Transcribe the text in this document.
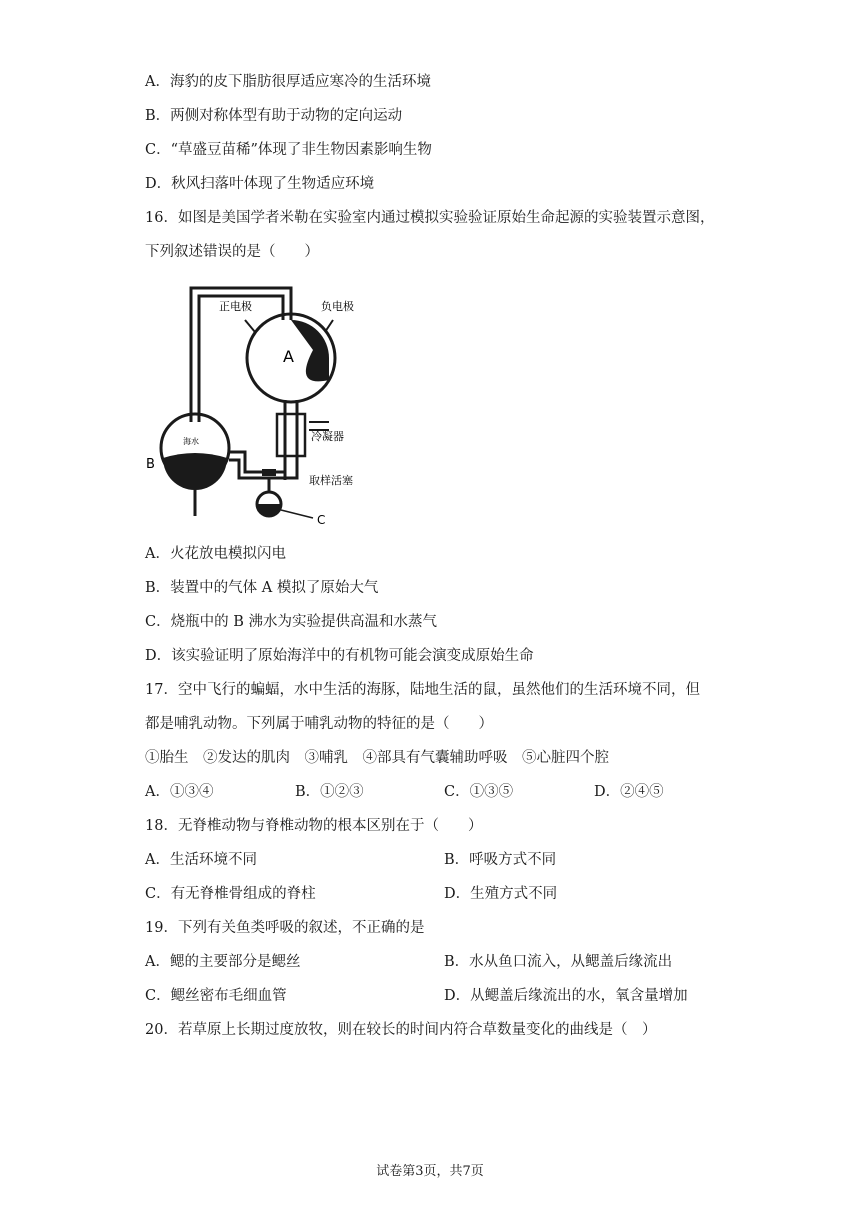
A．海豹的皮下脂肪很厚适应寒冷的生活环境
B．两侧对称体型有助于动物的定向运动
C．“草盛豆苗稀”体现了非生物因素影响生物
D．秋风扫落叶体现了生物适应环境
16．如图是美国学者米勒在实验室内通过模拟实验验证原始生命起源的实验装置示意图，
下列叙述错误的是（　　）
正电极	负电极
A
海水
B
冷凝器
取样活塞
C
A．火花放电模拟闪电
B．装置中的气体 A 模拟了原始大气
C．烧瓶中的 B 沸水为实验提供高温和水蒸气
D．该实验证明了原始海洋中的有机物可能会演变成原始生命
17．空中飞行的蝙蝠，水中生活的海豚，陆地生活的鼠，虽然他们的生活环境不同，但
都是哺乳动物。下列属于哺乳动物的特征的是（　　）
①胎生　②发达的肌肉　③哺乳　④部具有气囊辅助呼吸　⑤心脏四个腔
A．①③④	B．①②③	C．①③⑤	D．②④⑤
18．无脊椎动物与脊椎动物的根本区别在于（　　）
A．生活环境不同	B．呼吸方式不同
C．有无脊椎骨组成的脊柱	D．生殖方式不同
19．下列有关鱼类呼吸的叙述，不正确的是
A．鳃的主要部分是鳃丝	B．水从鱼口流入，从鳃盖后缘流出
C．鳃丝密布毛细血管	D．从鳃盖后缘流出的水，氧含量增加
20．若草原上长期过度放牧，则在较长的时间内符合草数量变化的曲线是（　）
试卷第3页，共7页
